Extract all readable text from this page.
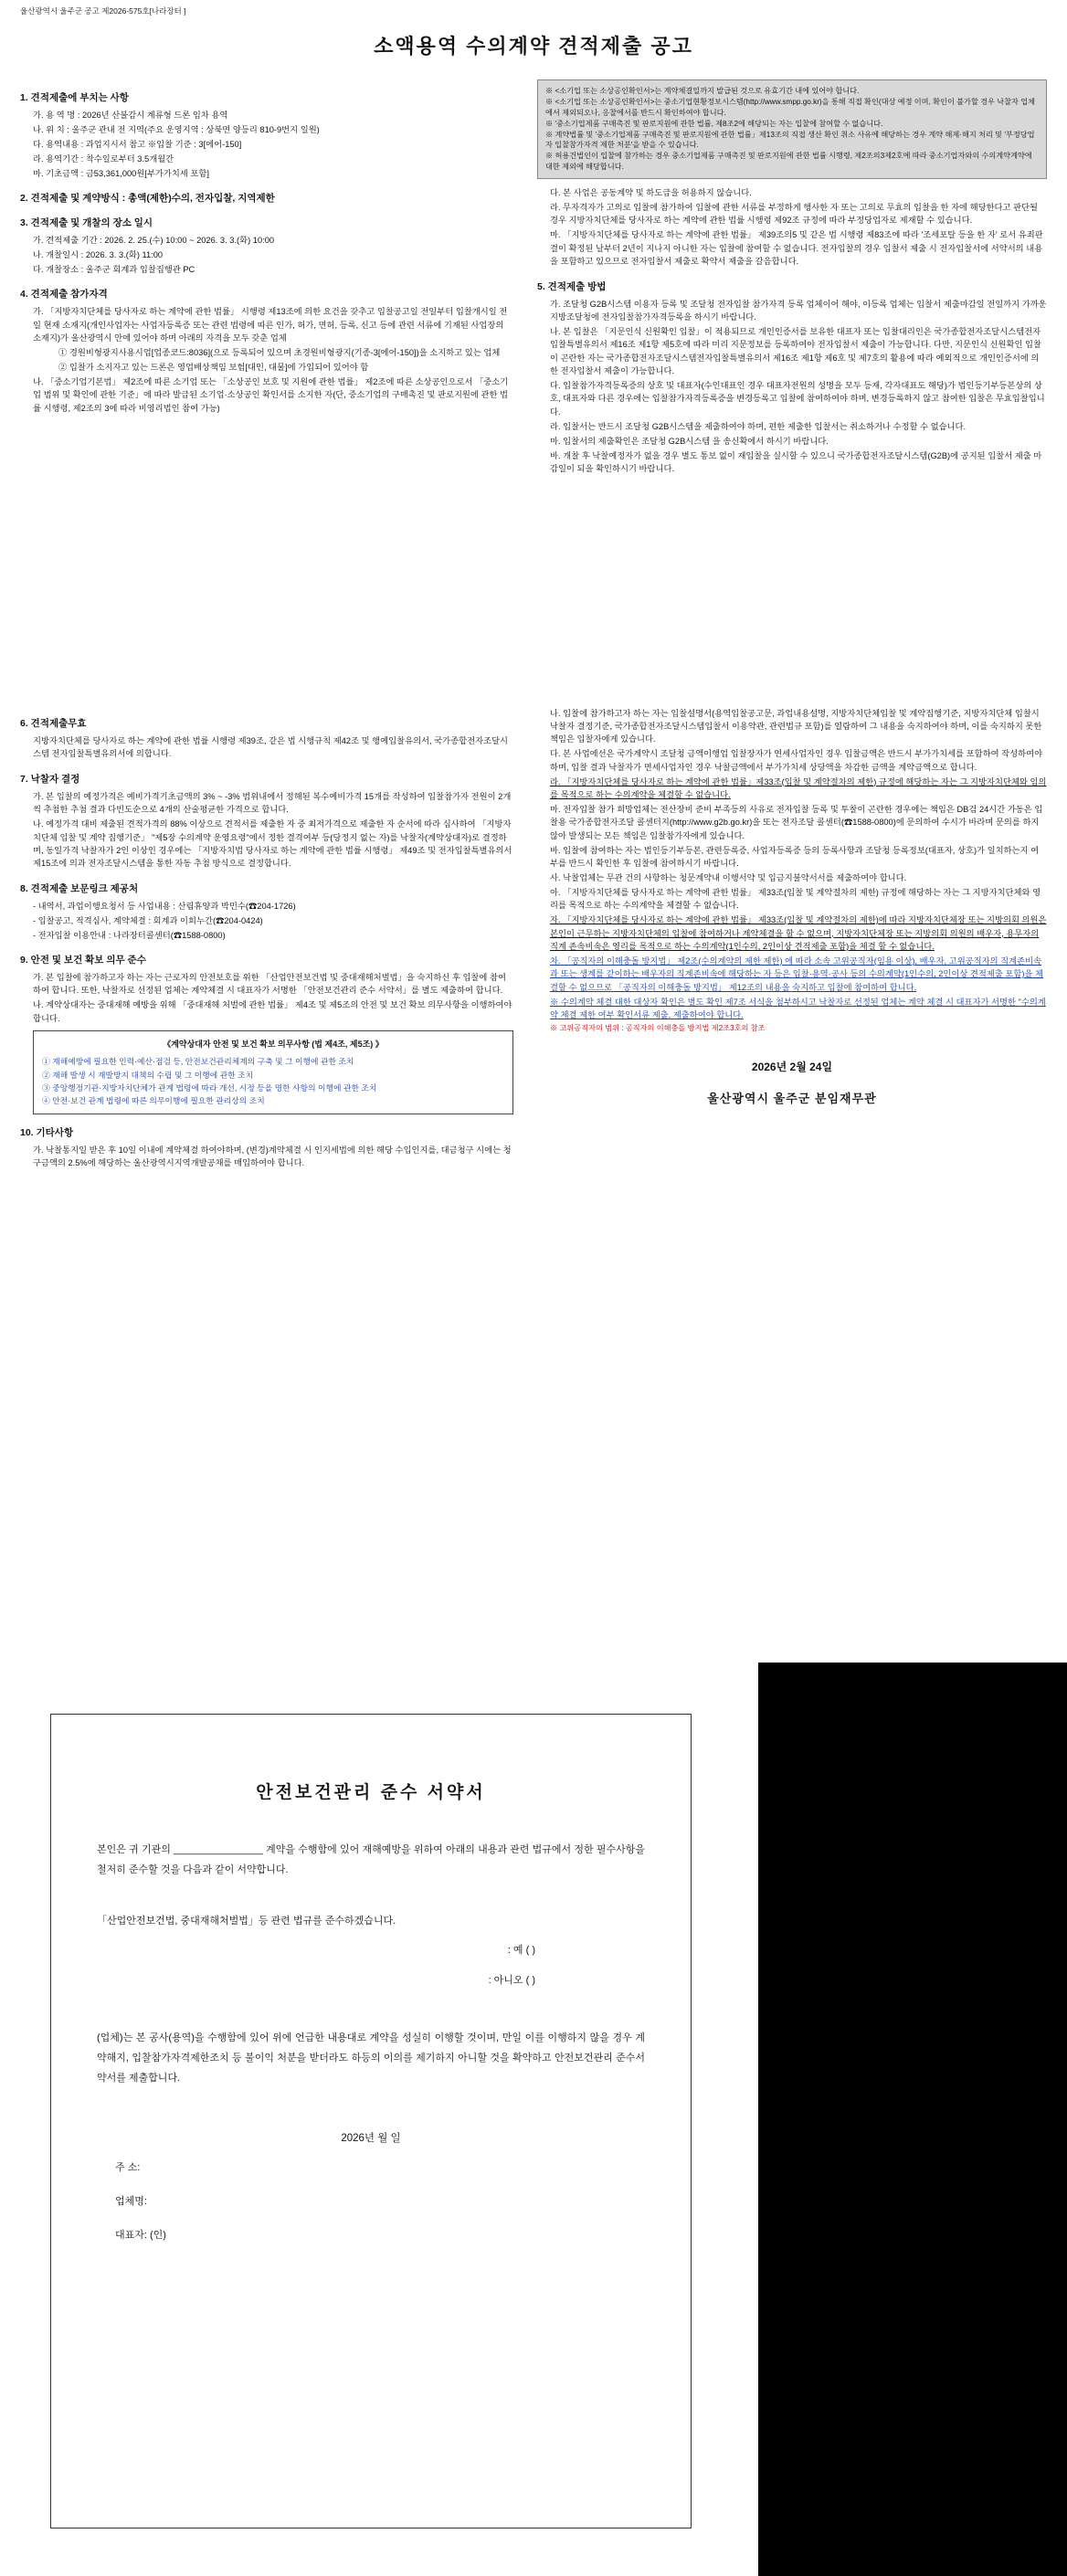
울산광역시 울주군 공고 제2026-575호[나라장터 ]
소액용역 수의계약 견적제출 공고
1. 견적제출에 부치는 사항
가. 용 역 명 : 2026년 산불감시 계류형 드론 임차 용역
나. 위 치 : 울주군 관내 전 지역(주요 운영지역 : 상북면 양등리 810-9번지 일원)
다. 용역내용 : 과업지시서 참고 ※입찰 기준 : 3[에어-150]
라. 용역기간 : 착수일로부터 3.5개월간
마. 기초금액 : 금53,361,000원[부가가치세 포함]
2. 견적제출 및 계약방식 : 총액(제한)수의, 전자입찰, 지역제한
3. 견적제출 및 개찰의 장소 일시
가. 견적제출 기간 : 2026. 2. 25.(수) 10:00 ~ 2026. 3. 3.(화) 10:00
나. 개찰일시 : 2026. 3. 3.(화) 11:00
다. 개찰장소 : 울주군 회계과 입찰집행관 PC
4. 견적제출 참가자격
가. 「지방자치단체를 당사자로 하는 계약에 관한 법률」 시행령 제13조에 의한 요건을 갖추고 입찰공고일 전일부터 입찰개시일 전일 현재 소재지(개인사업자는 사업자등록증 또는 관련 법령에 따른 인가, 허가, 면허, 등록, 신고 등에 관련 서류에 기재된 사업장의 소재지)가 울산광역시 안에 있어야 하며 아래의 자격을 모두 갖춘 업체
① 경원비형광지사용시업[업종코드:8036](으로 등록되어 있으며 초경원비형광지(기종-3[에어-150])을 소지하고 있는 업체
② 입찰가 소지자고 있는 드론은 영업배상책임 보험[대인, 대물]에 가입되어 있어야 함
나. 「중소기업기본법」 제2조에 따른 소기업 또는 「소상공인 보호 및 지원에 관한 법률」 제2조에 따른 소상공인으로서 「중소기업 범위 및 확인에 관한 기준」에 따라 발급된 소기업·소상공인 확인서를 소지한 자(단, 중소기업의 구매촉진 및 판로지원에 관한 법률 시행령, 제2조의 3에 따라 비영리법인 참여 가능)
※ <소기업 또는 소상공인확인서>는 계약체결일까지 발급된 것으로 유효기간 내에 있어야 합니다.
※ <소기업 또는 소상공인확인서>는 중소기업현황정보시스템(http://www.smpp.go.kr)을 통해 직접 확인(대상 예정 이며, 확인이 불가할 경우 낙찰자 업체에서 제외되오나, 응찰에서를 반드시 확인하여야 합니다.
※ '중소기업제품 구매촉진 및 판로지원에 관한 법률, 제8조2에 해당되는 자는 입찰에 참여할 수 없습니다.
※ 계약법률 및 '중소기업제품 구매촉진 및 판로지원에 관한 법률」제13조의 직접 생산 확인 취소 사유에 해당하는 경우 계약 해제·해지 처리 및 '부정당업자 입찰참가자격 제한 처분'을 받을 수 있습니다.
※ 허용건법인이 입찰에 참가하는 경우 중소기업제품 구매촉진 및 판로지원에 관한 법률 시행령, 제2조의3제2호에 따라 중소기업자와의 수의계약계약에 대한 제외에 해당합니다.
다. 본 사업은 공동계약 및 하도급을 허용하지 않습니다.
라. 무자격자가 고의로 입찰에 참가하여 입찰에 관한 서류를 부정하게 행사한 자 또는 고의로 무효의 입찰을 한 자에 해당한다고 판단될 경우 지방자치단체를 당사자로 하는 계약에 관한 법률 시행령 제92조 규정에 따라 부정당업자로 제재할 수 있습니다.
마. 「지방자치단체를 당사자로 하는 계약에 관한 법률」 제39조의5 및 같은 법 시행령 제83조에 따라 '조세포탈 등을 한 자' 로서 유죄판결이 확정된 날부터 2년이 지나지 아니한 자는 입찰에 참여할 수 없습니다. 전자입찰의 경우 입찰서 제출 시 전자입찰서에 서약서의 내용을 포함하고 있으므로 전자입찰서 제출로 확약서 제출을 갈음합니다.
5. 견적제출 방법
가. 조달청 G2B시스템 이용자 등록 및 조달청 전자입찰 참가자격 등록 업체이어 해야, 이등록 업체는 입찰서 제출마감일 전일까지 가까운 지방조달청에 전자입찰참가자격등록을 하시기 바랍니다.
나. 본 입찰은 「지문인식 신원확인 입찰」이 적용되므로 개인인증서를 보유한 대표자 또는 입찰대리인은 국가종합전자조달시스템전자입찰특별유의서 제16조 제1항 제5호에 따라 미리 지문정보를 등록하여야 전자입찰서 제출이 가능합니다. 다만, 지문인식 신원확인 입찰이 곤란한 자는 국가종합전자조달시스템전자입찰특별유의서 제16조 제1항 제6호 및 제7호의 활용에 따라 예외적으로 개인인증서에 의한 전자입찰서 제출이 가능합니다.
다. 입찰참가자격등록증의 상호 및 대표자(수인대표인 경우 대표자전원의 성명을 모두 등재, 각자대표도 해당)가 법인등기부등본상의 상호, 대표자와 다른 경우에는 입찰참가자격등록증을 변경등록고 입찰에 참여하여야 하며, 변경등록하지 않고 참여한 입찰은 무효입찰입니다.
라. 입찰서는 반드시 조달청 G2B시스템을 제출하여야 하며, 편한 제출한 입찰서는 취소하거나 수정할 수 없습니다.
마. 입찰서의 제출확인은 조달청 G2B시스템 을 송신확에서 하시기 바랍니다.
바. 개찰 후 낙찰예정자가 없을 경우 별도 통보 없이 재입찰을 실시할 수 있으니 국가종합전자조달시스템(G2B)에 공지된 입찰서 제출 마감일이 되을 확인하시기 바랍니다.
6. 견적제출무효
지방자치단체를 당사자로 하는 계약에 관한 법률 시행령 제39조, 같은 법 시행규칙 제42조 및 행예입찰유의서, 국가종합전자조달시스템 전자입찰특별유의서에 의합니다.
7. 낙찰자 결정
가. 본 입찰의 예정가격은 예비가격기초금액의 3% ~ -3% 범위내에서 정해된 복수예비가격 15개를 작성하여 입찰참가자 전원이 2개씩 추첨한 추첨 결과 다빈도순으로 4개의 산술평균한 가격으로 합니다.
나. 예정가격 대비 제출된 견적가격의 88% 이상으로 견적서를 제출한 자 중 최저가격으로 제출한 자 순서에 따라 심사하여 「지방자치단체 입찰 및 계약 집행기준」 "제5장 수의계약 운영요령"에서 정한 결격여부 등(당정지 없는 자)를 낙찰자(계약상대자)로 결정하며, 동일가격 낙찰자가 2인 이상인 경우에는 「지방자치법 당사자로 하는 계약에 관한 법률 시행령」 제49조 및 전자입찰특별유의서 제15조에 의과 전자조달시스템을 통한 자동 추첨 방식으로 결정합니다.
8. 견적제출 보문링크 제공처
- 내역서, 과업이행요청서 등 사업내용 : 산림휴양과 박민수(☎204-1726)
- 입찰공고, 적격심사, 계약체결 : 회계과 이희누간(☎204-0424)
- 전자입찰 이용안내 : 나라장터콜센터(☎1588-0800)
9. 안전 및 보건 확보 의무 준수
가. 본 입찰에 참가하고자 하는 자는 근로자의 안전보호를 위한 「산업안전보건법 및 중대재해처벌법」을 숙지하신 후 입찰에 참여하여 합니다. 또한, 낙찰자로 선정된 업체는 계약체결 시 대표자가 서명한 「안전보건관리 준수 서약서」를 별도 제출하여 합니다.
나. 계약상대자는 중대재해 예방을 위해 「중대재해 처벌에 관한 법률」 제4조 및 제5조의 안전 및 보건 확보 의무사항을 이행하여야 합니다.
《계약상대자 안전 및 보건 확보 의무사항 (법 제4조, 제5조) 》
① 재해예방에 필요한 인력·예산·점검 등, 안전보건관리체계의 구축 및 그 이행에 관한 조치
② 재해 발생 시 재발방지 대책의 수립 및 그 이행에 관한 조치
③ 중앙행정기관·지방자치단체가 관계 법령에 따라 개선, 시정 등을 명한 사항의 이행에 관한 조치
④ 안전·보건 관계 법령에 따른 의무이행에 필요한 관리상의 조치
10. 기타사항
가. 낙찰통지일 받은 후 10일 이내에 계약체결 하여야하며, (변경)계약체결 시 인지세법에 의한 해당 수입인지를, 대금청구 시에는 청구금액의 2.5%에 해당하는 울산광역시지역개발공채를 매입하여야 합니다.
나. 입찰에 참가하고자 하는 자는 입찰설명서(용역입찰공고문, 과업내용설명, 지방자치단체입찰 및 계약집행기준, 지방자치단체 입찰시 낙찰자 결정기준, 국가종합전자조달시스템입찰서 이용약관, 관련법규 포함)를 열람하여 그 내용을 숙지하여야 하며, 이를 숙지하지 못한 책임은 입찰자에게 있습니다.
다. 본 사업에선은 국가계약시 조달청 금액이행업 입찰장자가 연세사업자인 경우 입찰금액은 반드시 부가가치세를 포함하여 작성하여야 하며, 입찰 결과 낙찰자가 면세사업자인 경우 낙찰금액에서 부가가치세 상당액을 차감한 금액을 계약금액으로 합니다.
라. 「지방자치단체를 당사자로 하는 계약에 관한 법률」제33조(입찰 및 계약절차의 제한) 규정에 해당하는 자는 그 지방자치단체와 임의를 목적으로 하는 수의계약을 체결할 수 없습니다.
마. 전자입찰 참가 희망업체는 전산장비 준비 부족등의 사유로 전자입찰 등록 및 투찰이 곤란한 경우에는 책임은 DB검 24시간 가동은 입찰용 국가종합전자조달 콜센터지(http://www.g2b.go.kr)을 또는 전자조달 콜센터(☎1588-0800)에 문의하여 수시가 바라며 문의를 하지 않아 발생되는 모든 책임은 입찰참가자에게 있습니다.
바. 입찰에 참여하는 자는 법인등기부등본, 관련등록증, 사업자등록증 등의 등록사항과 조달청 등록정보(대표자, 상호)가 일치하는지 여부를 반드시 확인한 후 입찰에 참여하시기 바랍니다.
사. 낙찰업체는 무관 건의 사항하는 청문계약내 이행서약 및 입금지불약서서를 제출하여야 합니다.
아. 「지방자치단체를 당사자로 하는 계약에 관한 법률」 제33조(입찰 및 계약절차의 제한) 규정에 해당하는 자는 그 지방자치단체와 영리를 목적으로 하는 수의계약을 체결할 수 없습니다.
자. 「지방자치단체를 당사자로 하는 계약에 관한 법률」 제33조(입찰 및 계약절차의 제한)에 따라 지방자치단체장 또는 지방의회 의원은 본인이 근무하는 지방자치단체의 입찰에 참여하거나 계약체결을 할 수 없으며, 지방자치단체장 또는 지방의회 의원의 배우자, 용무자의 직계 존속비속은 영리를 목적으로 하는 수의계약(1인수의, 2인이상 견적제출 포함)을 체결 할 수 없습니다.
차. 「공직자의 이해충돌 방지법」 제2조(수의계약의 제한 제한) 에 따라 소속 고위공직자(임용 이상), 배우자, 고위공직자의 직계존비속과 또는 생계를 같이하는 배우자의 직계존비속에 해당하는 자 등은 입찰·용역·공사 등의 수의계약(1인수의, 2인이상 견적제출 포함)을 체결할 수 없으므로 「공직자의 이해충돌 방지법」 제12조의 내용을 숙지하고 입찰에 참여하여 합니다.
※ 수의계약 체결 대한 대상자 확인은 별도 확인 제7조 서식을 첨부하시고 낙찰자로 선정된 업체는 계약 체결 시 대표자가 서명한 "수의계약 체결 제한 여부 확인서류 제출, 제출하여야 합니다.
※ 고위공직자의 범위 : 공직자의 이해충돌 방지법 제2조3호의 참조
2026년 2월 24일
울산광역시 울주군 분임재무관
안전보건관리 준수 서약서
본인은 귀 기관의 ________________ 계약을 수행함에 있어 재해예방을 위하여 아래의 내용과 관련 법규에서 정한 필수사항을 철저히 준수할 것을 다음과 같이 서약합니다.
「산업안전보건법, 중대재해처벌법」등 관련 법규를 준수하겠습니다.
: 예 ( )
: 아니오 ( )
(업체)는 본 공사(용역)을 수행함에 있어 위에 언급한 내용대로 계약을 성실히 이행할 것이며, 만일 이를 이행하지 않을 경우 계약해지, 입찰참가자격제한조치 등 불이익 처분을 받더라도 하등의 이의를 제기하지 아니할 것을 확약하고 안전보건관리 준수서약서를 제출합니다.
2026년 월 일
주 소:
업체명:
대표자: (인)
